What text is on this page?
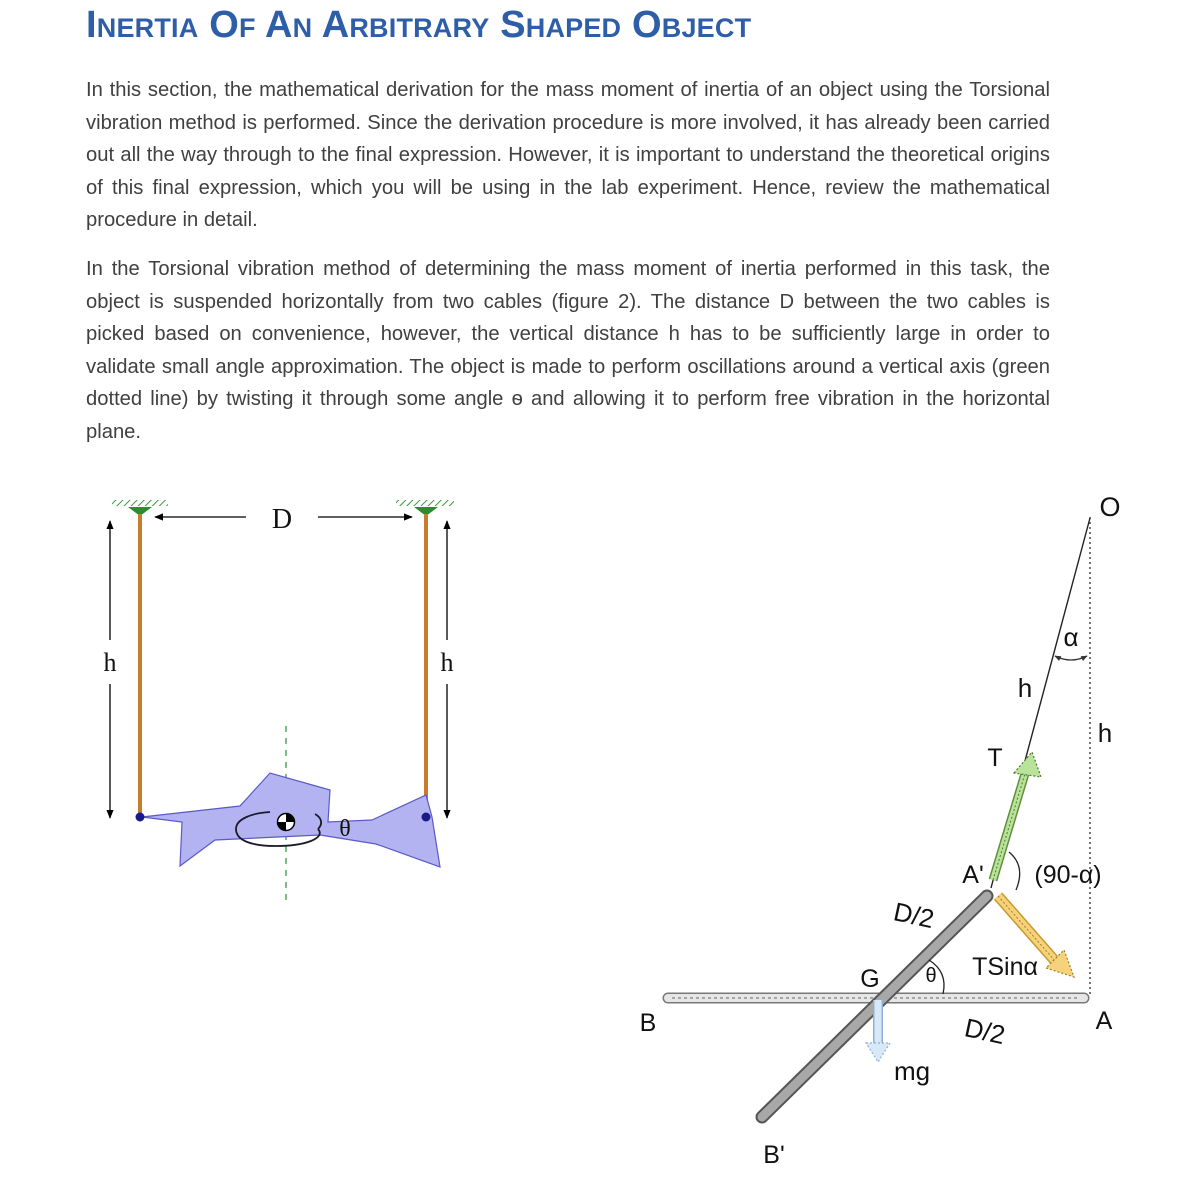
Inertia Of An Arbitrary Shaped Object

In this section, the mathematical derivation for the mass moment of inertia of an object using the Torsional vibration method is performed. Since the derivation procedure is more involved, it has already been carried out all the way through to the final expression. However, it is important to understand the theoretical origins of this final expression, which you will be using in the lab experiment. Hence, review the mathematical procedure in detail.

In the Torsional vibration method of determining the mass moment of inertia performed in this task, the object is suspended horizontally from two cables (figure 2). The distance D between the two cables is picked based on convenience, however, the vertical distance h has to be sufficiently large in order to validate small angle approximation. The object is made to perform oscillations around a vertical axis (green dotted line) by twisting it through some angle ѳ and allowing it to perform free vibration in the horizontal plane.

D
h	h
θ
O
α
h
h
T
Aʹ (90-α)
D/2
TSinα
G θ
B	D/2	A
mg
Bʹ
